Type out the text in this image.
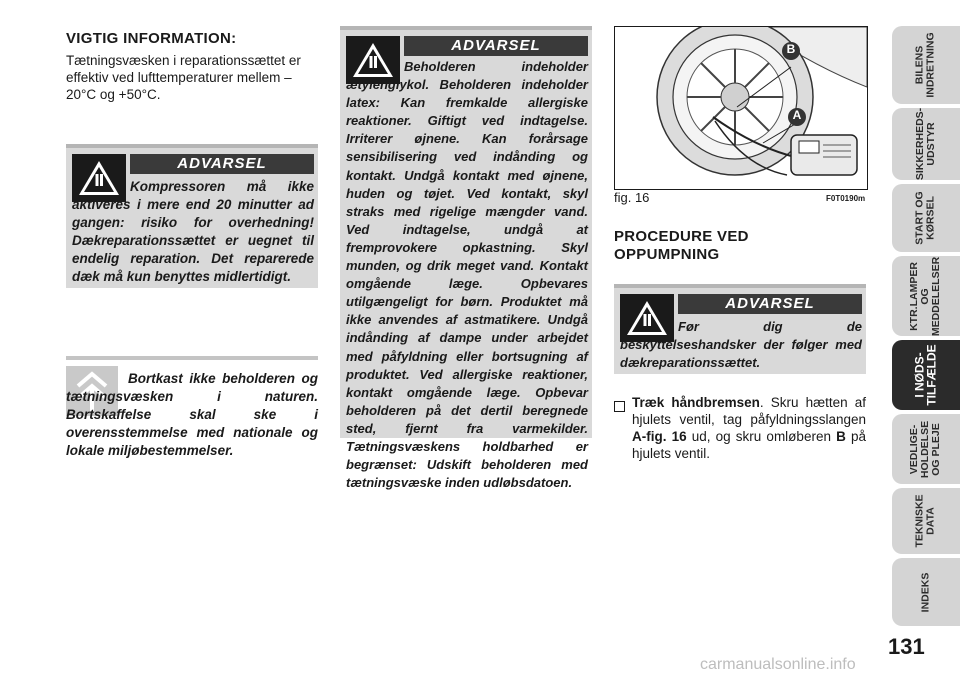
VIGTIG INFORMATION:
Tætningsvæsken i reparationssættet er effektiv ved lufttemperaturer mellem –20°C og +50°C.
ADVARSEL
Kompressoren må ikke aktiveres i mere end 20 minutter ad gangen: risiko for overhedning! Dækreparationssættet er uegnet til endelig reparation. Det reparerede dæk må kun benyttes midlertidigt.
Bortkast ikke beholderen og tætningsvæsken i naturen. Bortskaffelse skal ske i overensstemmelse med nationale og lokale miljøbestemmelser.
ADVARSEL
Beholderen indeholder ætylenglykol. Beholderen indeholder latex: Kan fremkalde allergiske reaktioner. Giftigt ved indtagelse. Irriterer øjnene. Kan forårsage sensibilisering ved indånding og kontakt. Undgå kontakt med øjnene, huden og tøjet. Ved kontakt, skyl straks med rigelige mængder vand. Ved indtagelse, undgå at fremprovokere opkastning. Skyl munden, og drik meget vand. Kontakt omgående læge. Opbevares utilgængeligt for børn. Produktet må ikke anvendes af astmatikere. Undgå indånding af dampe under arbejdet med påfyldning eller bortsugning af produktet. Ved allergiske reaktioner, kontakt omgående læge. Opbevar beholderen på det dertil beregnede sted, fjernt fra varmekilder. Tætningsvæskens holdbarhed er begrænset: Udskift beholderen med tætningsvæske inden udløbsdatoen.
B
A
fig. 16	F0T0190m
PROCEDURE VED
OPPUMPNING
ADVARSEL
Før dig de beskyttelseshandsker der følger med dækreparationssættet.
Træk håndbremsen. Skru hætten af hjulets ventil, tag påfyldningsslangen A-fig. 16 ud, og skru omløberen B på hjulets ventil.
BILENS
INDRETNING
SIKKERHEDS-
UDSTYR
START OG
KØRSEL
KTR.LAMPER
OG
MEDDELELSER
I NØDS-
TILFÆLDE
VEDLIGE-
HOLDELSE
OG PLEJE
TEKNISKE
DATA
INDEKS
131
carmanualsonline.info
